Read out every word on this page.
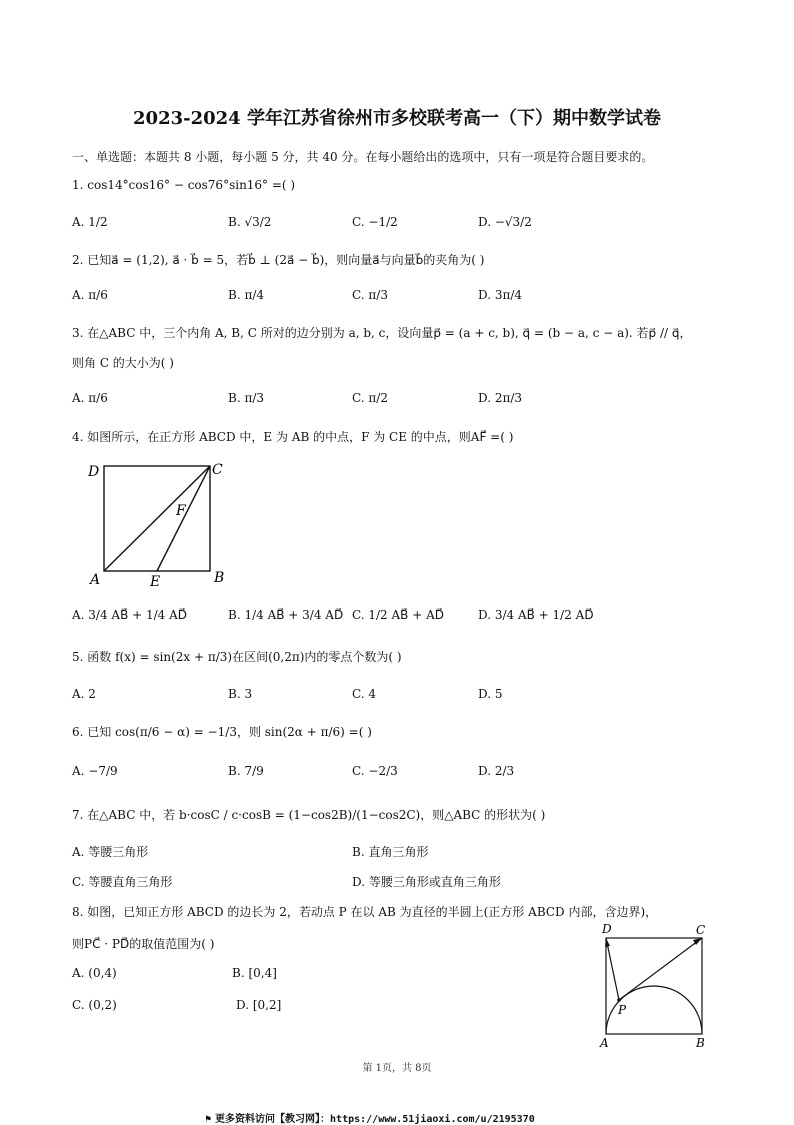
2023-2024 学年江苏省徐州市多校联考高一（下）期中数学试卷
一、单选题：本题共 8 小题，每小题 5 分，共 40 分。在每小题给出的选项中，只有一项是符合题目要求的。
1. cos14°cos16° − cos76°sin16° =( )
A. 1/2	B. √3/2	C. −1/2	D. −√3/2
2. 已知a⃗ = (1,2), a⃗ · b⃗ = 5，若b⃗ ⊥ (2a⃗ − b⃗)，则向量a⃗与向量b⃗的夹角为( )
A. π/6	B. π/4	C. π/3	D. 3π/4
3. 在△ABC 中，三个内角 A, B, C 所对的边分别为 a, b, c，设向量p⃗ = (a + c, b), q⃗ = (b − a, c − a). 若p⃗ // q⃗，
则角 C 的大小为( )
A. π/6	B. π/3	C. π/2	D. 2π/3
4. 如图所示，在正方形 ABCD 中，E 为 AB 的中点，F 为 CE 的中点，则AF⃗ =( )
D	C
F
A	E	B
A. 3/4 AB⃗ + 1/4 AD⃗	B. 1/4 AB⃗ + 3/4 AD⃗ C. 1/2 AB⃗ + AD⃗	D. 3/4 AB⃗ + 1/2 AD⃗
5. 函数 f(x) = sin(2x + π/3)在区间(0,2π)内的零点个数为( )
A. 2	B. 3	C. 4	D. 5
6. 已知 cos(π/6 − α) = −1/3，则 sin(2α + π/6) =( )
A. −7/9	B. 7/9	C. −2/3	D. 2/3
7. 在△ABC 中，若 b·cosC / c·cosB = (1−cos2B)/(1−cos2C)，则△ABC 的形状为( )
A. 等腰三角形	B. 直角三角形
C. 等腰直角三角形	D. 等腰三角形或直角三角形
8. 如图，已知正方形 ABCD 的边长为 2，若动点 P 在以 AB 为直径的半圆上(正方形 ABCD 内部，含边界)，
则PC⃗ · PD⃗的取值范围为( )
A. (0,4)	B. [0,4]
C. (0,2)	D. [0,2]
D	C
P
A	B
第 1页，共 8页
⚑ 更多资料访问【教习网】：https://www.51jiaoxi.com/u/2195370
